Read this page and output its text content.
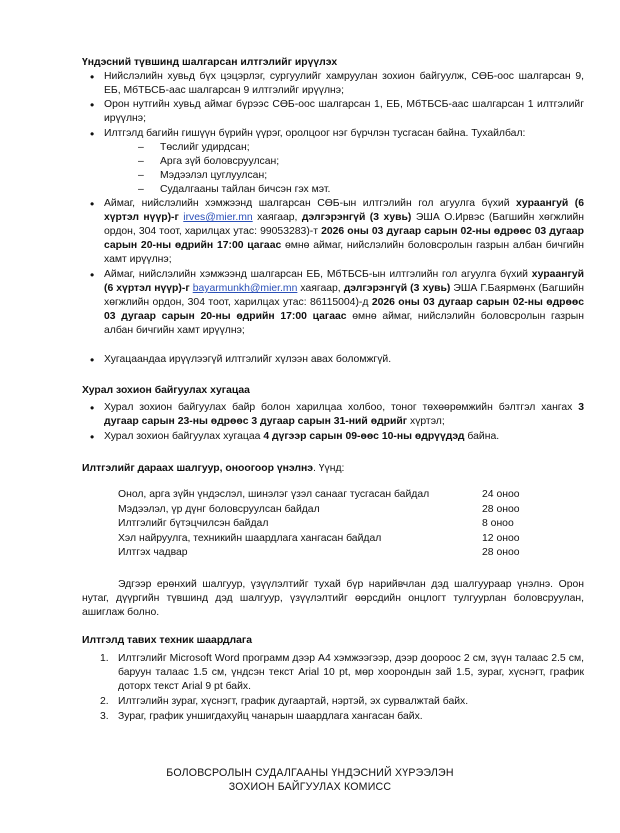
Үндэсний түвшинд шалгарсан илтгэлийг ирүүлэх
• Нийслэлийн хувьд бүх цэцэрлэг, сургуулийг хамруулан зохион байгуулж, СӨБ-оос шалгарсан 9, ЕБ, МбТБСБ-аас шалгарсан 9 илтгэлийг ирүүлнэ;
• Орон нутгийн хувьд аймаг бүрээс СӨБ-оос шалгарсан 1, ЕБ, МбТБСБ-аас шалгарсан 1 илтгэлийг ирүүлнэ;
• Илтгэлд багийн гишүүн бүрийн үүрэг, оролцоог нэг бүрчлэн тусгасан байна. Тухайлбал:
– Төслийг удирдсан;
– Арга зүй боловсруулсан;
– Мэдээлэл цуглуулсан;
– Судалгааны тайлан бичсэн гэх мэт.
• Аймаг, нийслэлийн хэмжээнд шалгарсан СӨБ-ын илтгэлийн гол агуулга бүхий хураангуй (6 хүртэл нүүр)-г irves@mier.mn хаягаар, дэлгэрэнгүй (3 хувь) ЭША О.Ирвэс (Багшийн хөгжлийн ордон, 304 тоот, харилцах утас: 99053283)-т 2026 оны 03 дугаар сарын 02-ны өдрөөс 03 дугаар сарын 20-ны өдрийн 17:00 цагаас өмнө аймаг, нийслэлийн боловсролын газрын албан бичгийн хамт ирүүлнэ;
• Аймаг, нийслэлийн хэмжээнд шалгарсан ЕБ, МбТБСБ-ын илтгэлийн гол агуулга бүхий хураангуй (6 хүртэл нүүр)-г bayarmunkh@mier.mn хаягаар, дэлгэрэнгүй (3 хувь) ЭША Г.Баярмөнх (Багшийн хөгжлийн ордон, 304 тоот, харилцах утас: 86115004)-д 2026 оны 03 дугаар сарын 02-ны өдрөөс 03 дугаар сарын 20-ны өдрийн 17:00 цагаас өмнө аймаг, нийслэлийн боловсролын газрын албан бичгийн хамт ирүүлнэ;
• Хугацаандаа ирүүлээгүй илтгэлийг хүлээн авах боломжгүй.
Хурал зохион байгуулах хугацаа
• Хурал зохион байгуулах байр болон харилцаа холбоо, тоног төхөөрөмжийн бэлтгэл хангах 3 дугаар сарын 23-ны өдрөөс 3 дугаар сарын 31-ний өдрийг хүртэл;
• Хурал зохион байгуулах хугацаа 4 дүгээр сарын 09-өөс 10-ны өдрүүдэд байна.
Илтгэлийг дараах шалгуур, оноогоор үнэлнэ. Үүнд:
Онол, арга зүйн үндэслэл, шинэлэг үзэл санааг тусгасан байдал	24 оноо
Мэдээлэл, үр дүнг боловсруулсан байдал	28 оноо
Илтгэлийг бүтэцчилсэн байдал	8 оноо
Хэл найруулга, техникийн шаардлага хангасан байдал	12 оноо
Илтгэх чадвар	28 оноо
Эдгээр ерөнхий шалгуур, үзүүлэлтийг тухай бүр нарийвчлан дэд шалгуураар үнэлнэ. Орон нутаг, дүүргийн түвшинд дэд шалгуур, үзүүлэлтийг өөрсдийн онцлогт тулгуурлан боловсруулан, ашиглаж болно.
Илтгэлд тавих техник шаардлага
1. Илтгэлийг Microsoft Word программ дээр А4 хэмжээгээр, дээр доороос 2 см, зүүн талаас 2.5 см, баруун талаас 1.5 см, үндсэн текст Arial 10 pt, мөр хоорондын зай 1.5, зураг, хүснэгт, график доторх текст Arial 9 pt байх.
2. Илтгэлийн зураг, хүснэгт, график дугаартай, нэртэй, эх сурвалжтай байх.
3. Зураг, график уншигдахуйц чанарын шаардлага хангасан байх.
БОЛОВСРОЛЫН СУДАЛГААНЫ ҮНДЭСНИЙ ХҮРЭЭЛЭН
ЗОХИОН БАЙГУУЛАХ КОМИСС
